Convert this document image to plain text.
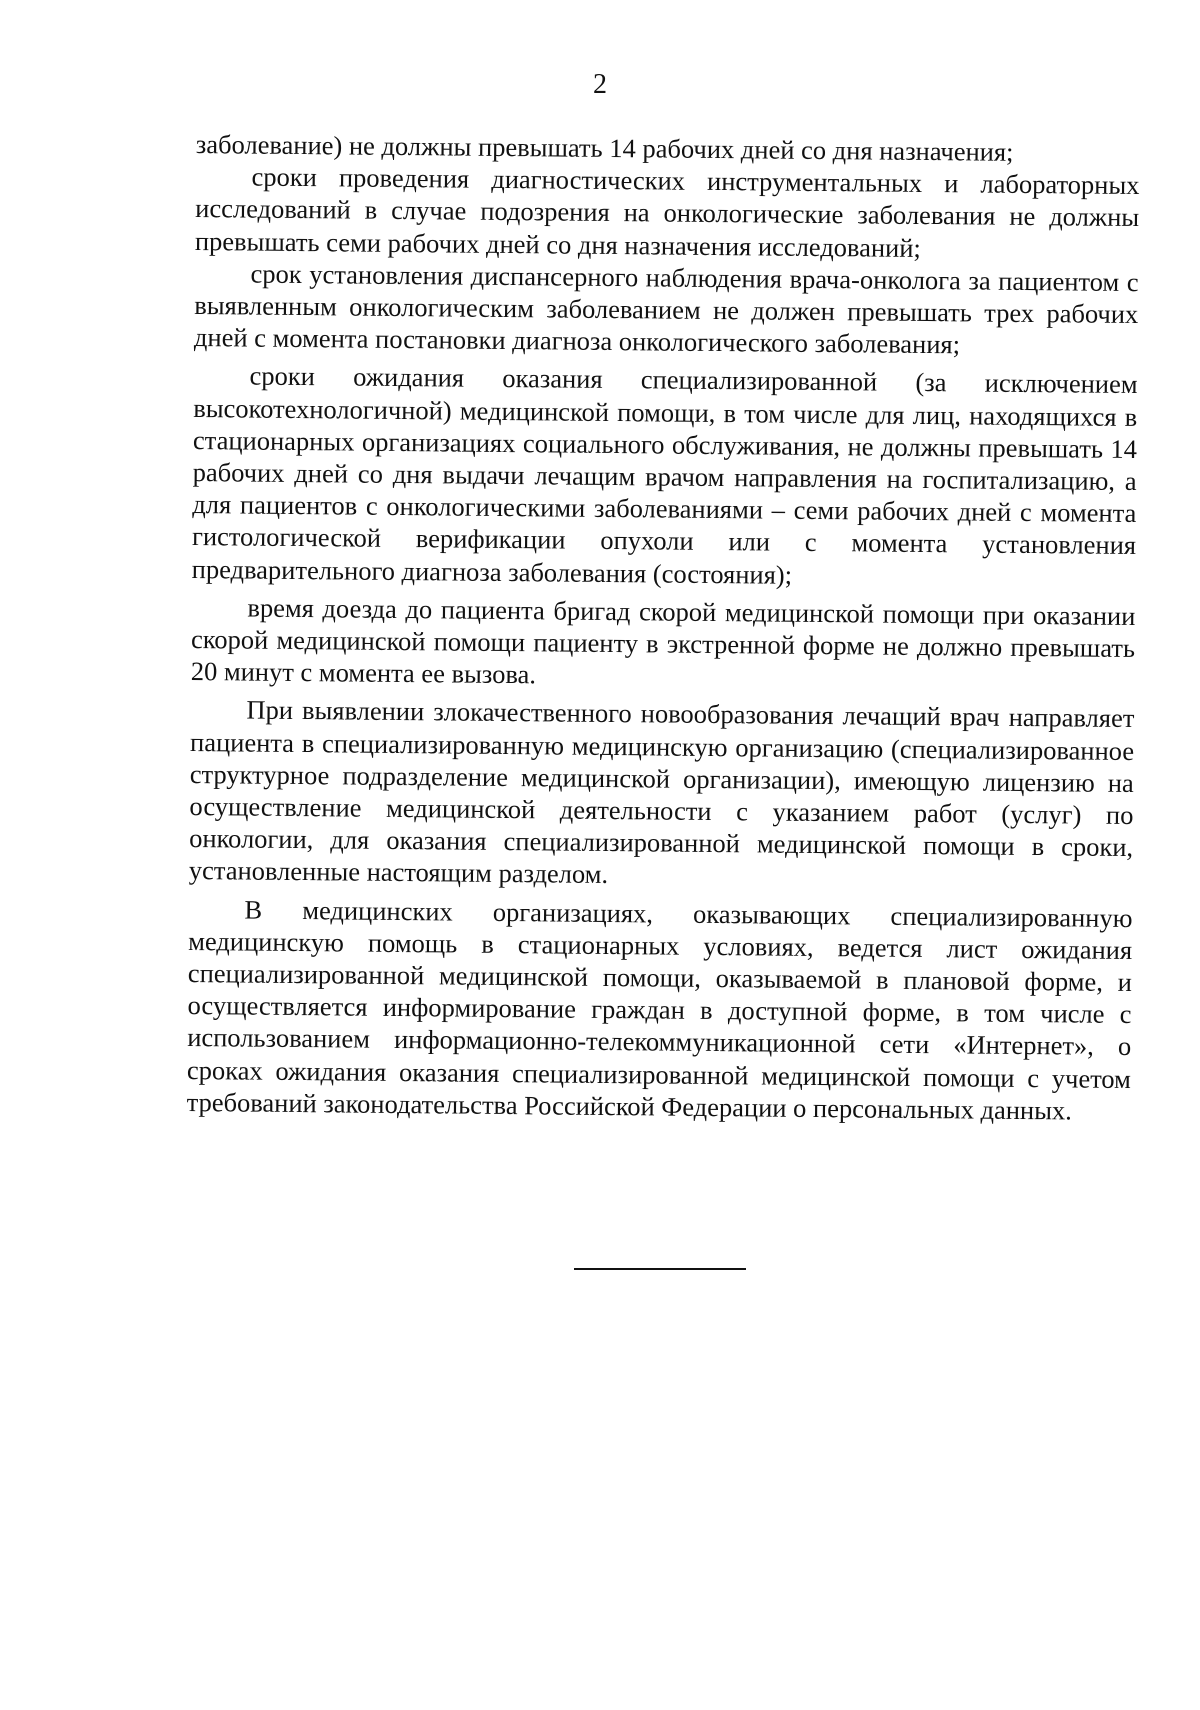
2

заболевание) не должны превышать 14 рабочих дней со дня назначения;

сроки проведения диагностических инструментальных и лабораторных исследований в случае подозрения на онкологические заболевания не должны превышать семи рабочих дней со дня назначения исследований;

срок установления диспансерного наблюдения врача-онколога за пациентом с выявленным онкологическим заболеванием не должен превышать трех рабочих дней с момента постановки диагноза онкологического заболевания;

сроки ожидания оказания специализированной (за исключением высокотехнологичной) медицинской помощи, в том числе для лиц, находящихся в стационарных организациях социального обслуживания, не должны превышать 14 рабочих дней со дня выдачи лечащим врачом направления на госпитализацию, а для пациентов с онкологическими заболеваниями – семи рабочих дней с момента гистологической верификации опухоли или с момента установления предварительного диагноза заболевания (состояния);

время доезда до пациента бригад скорой медицинской помощи при оказании скорой медицинской помощи пациенту в экстренной форме не должно превышать 20 минут с момента ее вызова.

При выявлении злокачественного новообразования лечащий врач направляет пациента в специализированную медицинскую организацию (специализированное структурное подразделение медицинской организации), имеющую лицензию на осуществление медицинской деятельности с указанием работ (услуг) по онкологии, для оказания специализированной медицинской помощи в сроки, установленные настоящим разделом.

В медицинских организациях, оказывающих специализированную медицинскую помощь в стационарных условиях, ведется лист ожидания специализированной медицинской помощи, оказываемой в плановой форме, и осуществляется информирование граждан в доступной форме, в том числе с использованием информационно-телекоммуникационной сети «Интернет», о сроках ожидания оказания специализированной медицинской помощи с учетом требований законодательства Российской Федерации о персональных данных.
